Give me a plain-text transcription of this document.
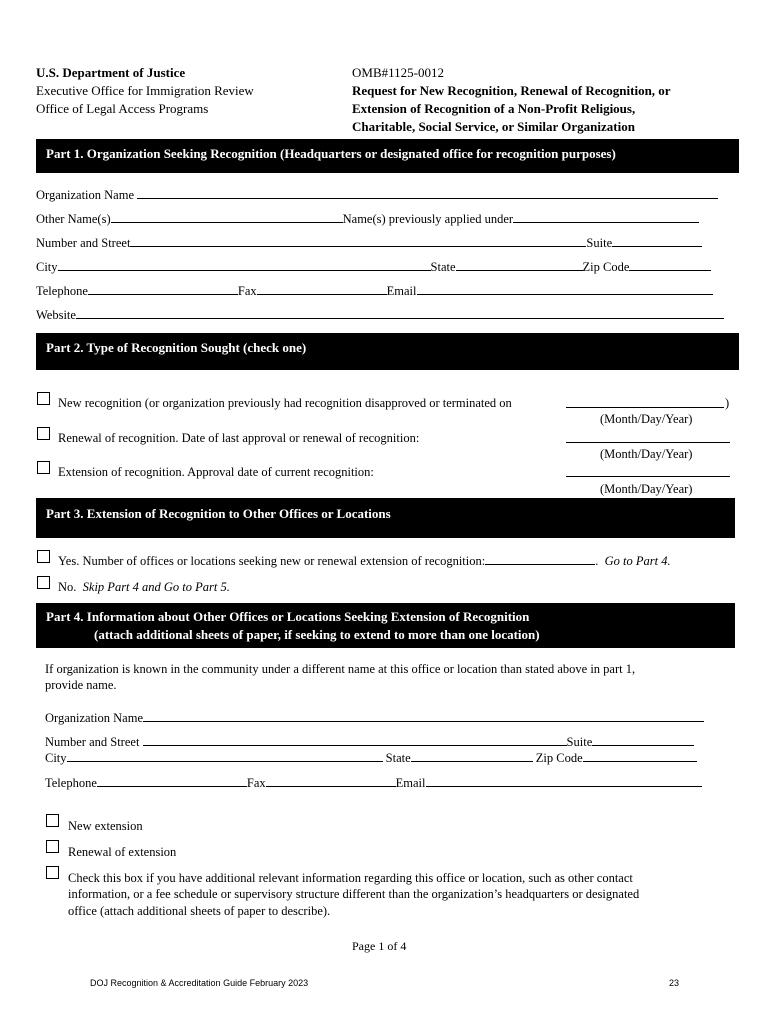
U.S. Department of Justice
Executive Office for Immigration Review
Office of Legal Access Programs
OMB#1125-0012
Request for New Recognition, Renewal of Recognition, or
Extension of Recognition of a Non-Profit Religious,
Charitable, Social Service, or Similar Organization
Part 1. Organization Seeking Recognition (Headquarters or designated office for recognition purposes)
Organization Name
Other Name(s)	Name(s) previously applied under
Number and Street	Suite
City	State	Zip Code
Telephone	Fax	Email
Website
Part 2. Type of Recognition Sought (check one)
New recognition (or organization previously had recognition disapproved or terminated on	)
(Month/Day/Year)
Renewal of recognition. Date of last approval or renewal of recognition:
(Month/Day/Year)
Extension of recognition. Approval date of current recognition:
(Month/Day/Year)
Part 3. Extension of Recognition to Other Offices or Locations
Yes. Number of offices or locations seeking new or renewal extension of recognition:	.  Go to Part 4.
No. Skip Part 4 and Go to Part 5.
Part 4. Information about Other Offices or Locations Seeking Extension of Recognition
(attach additional sheets of paper, if seeking to extend to more than one location)
If organization is known in the community under a different name at this office or location than stated above in part 1,
provide name.
Organization Name
Number and Street	Suite
City	State	Zip Code
Telephone	Fax	Email
New extension
Renewal of extension
Check this box if you have additional relevant information regarding this office or location, such as other contact
information, or a fee schedule or supervisory structure different than the organization’s headquarters or designated
office (attach additional sheets of paper to describe).
Page 1 of 4
DOJ Recognition & Accreditation Guide February 2023	23
